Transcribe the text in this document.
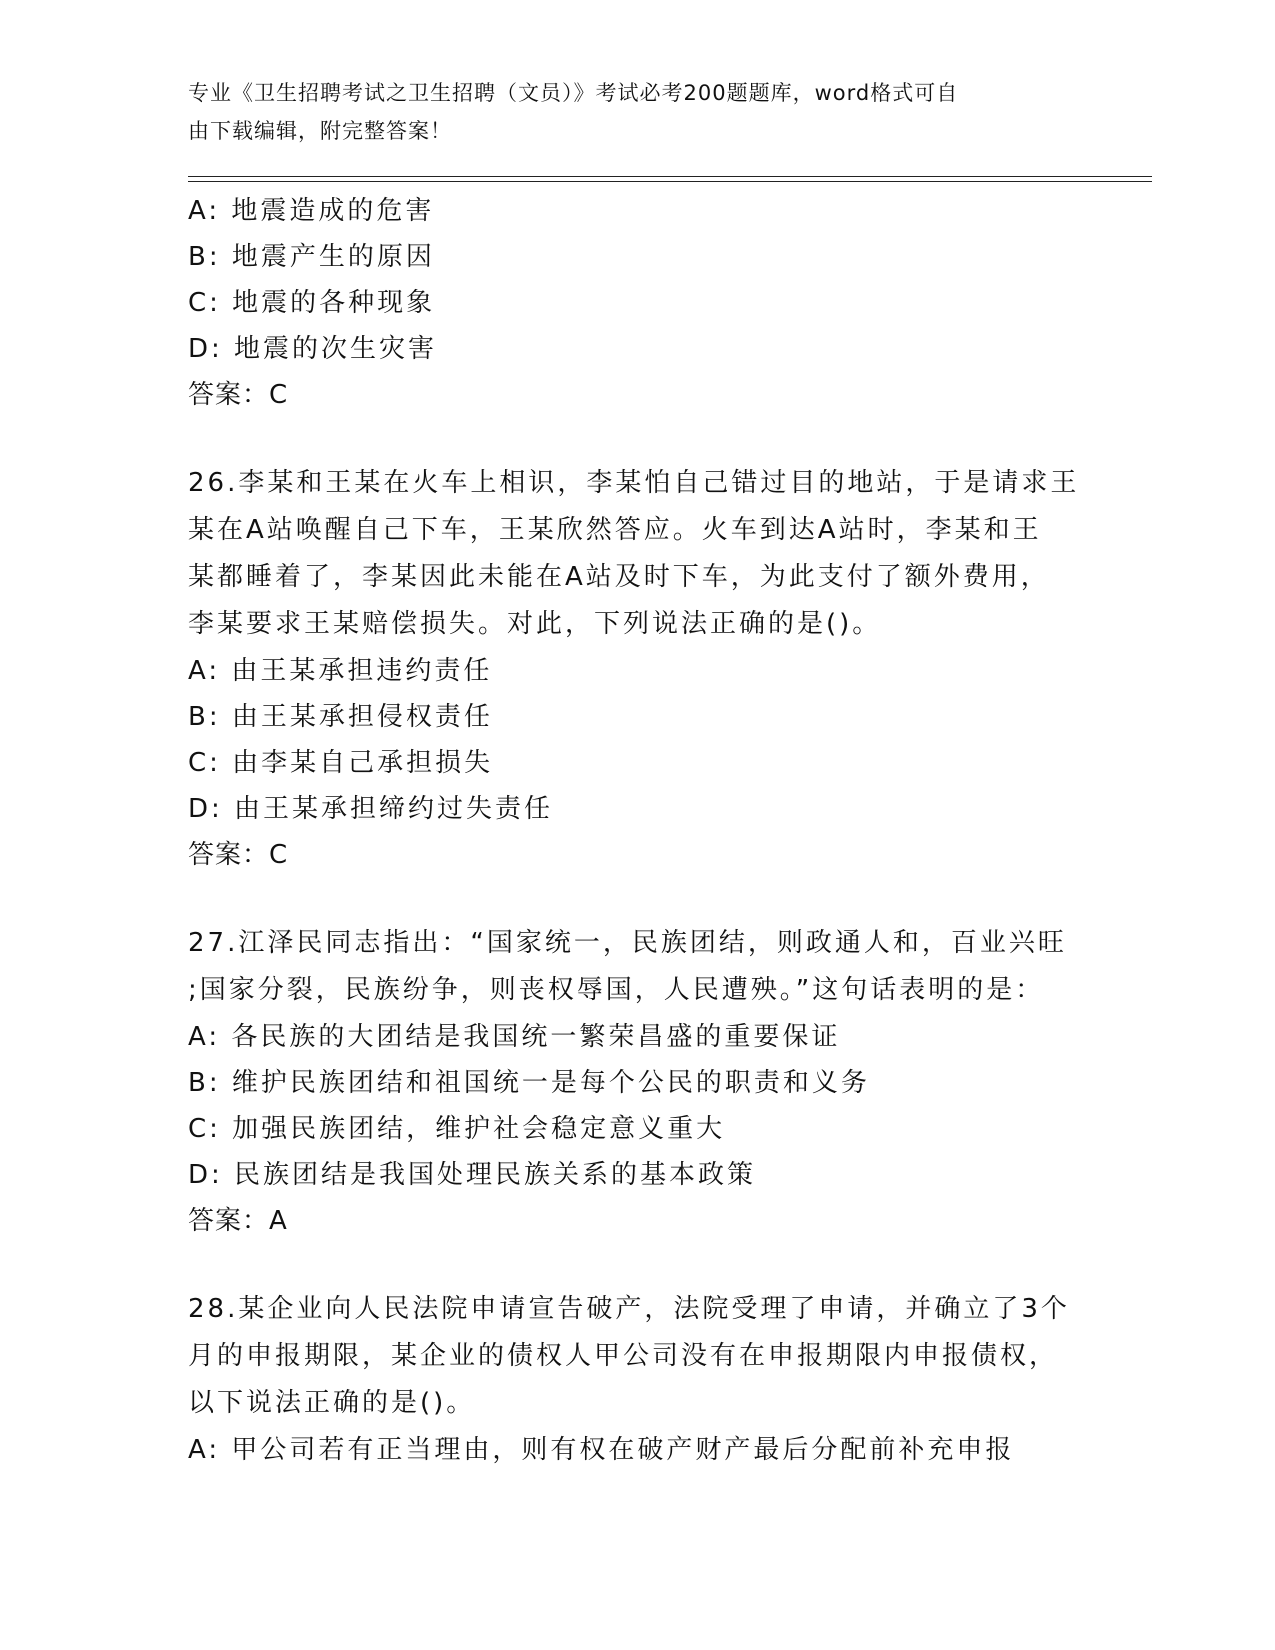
专业《卫生招聘考试之卫生招聘（文员）》考试必考200题题库，word格式可自
由下载编辑，附完整答案！
A: 地震造成的危害
B: 地震产生的原因
C: 地震的各种现象
D: 地震的次生灾害
答案：C
26.李某和王某在火车上相识，李某怕自己错过目的地站，于是请求王
某在A站唤醒自己下车，王某欣然答应。火车到达A站时，李某和王
某都睡着了，李某因此未能在A站及时下车，为此支付了额外费用，
李某要求王某赔偿损失。对此，下列说法正确的是()。
A: 由王某承担违约责任
B: 由王某承担侵权责任
C: 由李某自己承担损失
D: 由王某承担缔约过失责任
答案：C
27.江泽民同志指出：“国家统一，民族团结，则政通人和，百业兴旺
;国家分裂，民族纷争，则丧权辱国，人民遭殃。”这句话表明的是：
A: 各民族的大团结是我国统一繁荣昌盛的重要保证
B: 维护民族团结和祖国统一是每个公民的职责和义务
C: 加强民族团结，维护社会稳定意义重大
D: 民族团结是我国处理民族关系的基本政策
答案：A
28.某企业向人民法院申请宣告破产，法院受理了申请，并确立了3个
月的申报期限，某企业的债权人甲公司没有在申报期限内申报债权，
以下说法正确的是()。
A: 甲公司若有正当理由，则有权在破产财产最后分配前补充申报
